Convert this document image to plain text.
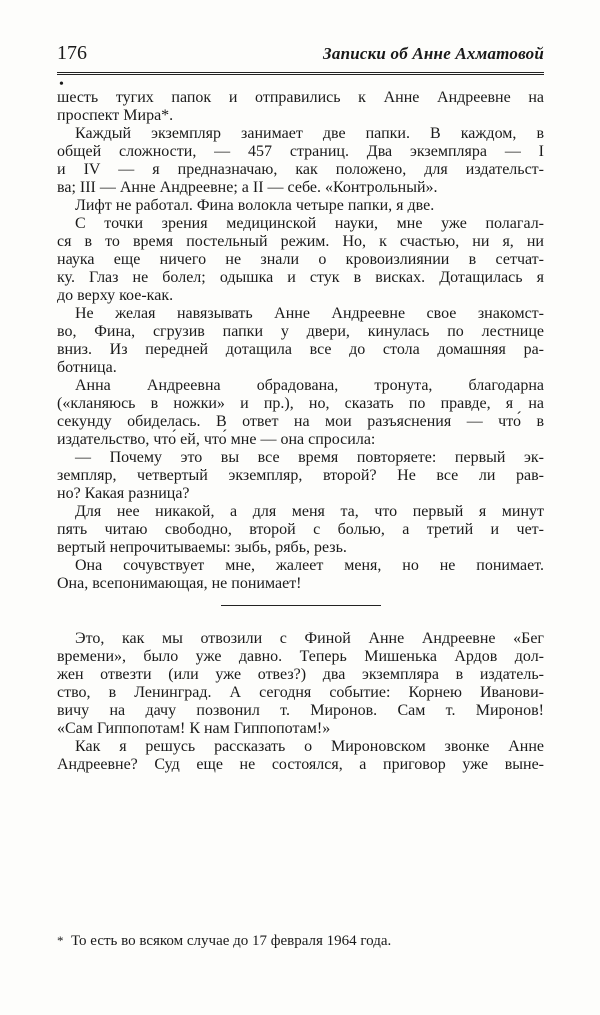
176	Записки об Анне Ахматовой
•
шесть тугих папок и отправились к Анне Андреевне на
проспект Мира*.
Каждый экземпляр занимает две папки. В каждом, в
общей сложности, — 457 страниц. Два экземпляра — I
и IV — я предназначаю, как положено, для издательст-
ва; III — Анне Андреевне; а II — себе. «Контрольный».
Лифт не работал. Фина волокла четыре папки, я две.
С точки зрения медицинской науки, мне уже полагал-
ся в то время постельный режим. Но, к счастью, ни я, ни
наука еще ничего не знали о кровоизлиянии в сетчат-
ку. Глаз не болел; одышка и стук в висках. Дотащилась я
до верху кое-как.
Не желая навязывать Анне Андреевне свое знакомст-
во, Фина, сгрузив папки у двери, кинулась по лестнице
вниз. Из передней дотащила все до стола домашняя ра-
ботница.
Анна Андреевна обрадована, тронута, благодарна
(«кланяюсь в ножки» и пр.), но, сказать по правде, я на
секунду обиделась. В ответ на мои разъяснения — что́ в
издательство, что́ ей, что́ мне — она спросила:
— Почему это вы все время повторяете: первый эк-
земпляр, четвертый экземпляр, второй? Не все ли рав-
но? Какая разница?
Для нее никакой, а для меня та, что первый я минут
пять читаю свободно, второй с болью, а третий и чет-
вертый непрочитываемы: зыбь, рябь, резь.
Она сочувствует мне, жалеет меня, но не понимает.
Она, всепонимающая, не понимает!
Это, как мы отвозили с Финой Анне Андреевне «Бег
времени», было уже давно. Теперь Мишенька Ардов дол-
жен отвезти (или уже отвез?) два экземпляра в издатель-
ство, в Ленинград. А сегодня событие: Корнею Иванови-
вичу на дачу позвонил т. Миронов. Сам т. Миронов!
«Сам Гиппопотам! К нам Гиппопотам!»
Как я решусь рассказать о Мироновском звонке Анне
Андреевне? Суд еще не состоялся, а приговор уже выне-
* То есть во всяком случае до 17 февраля 1964 года.
